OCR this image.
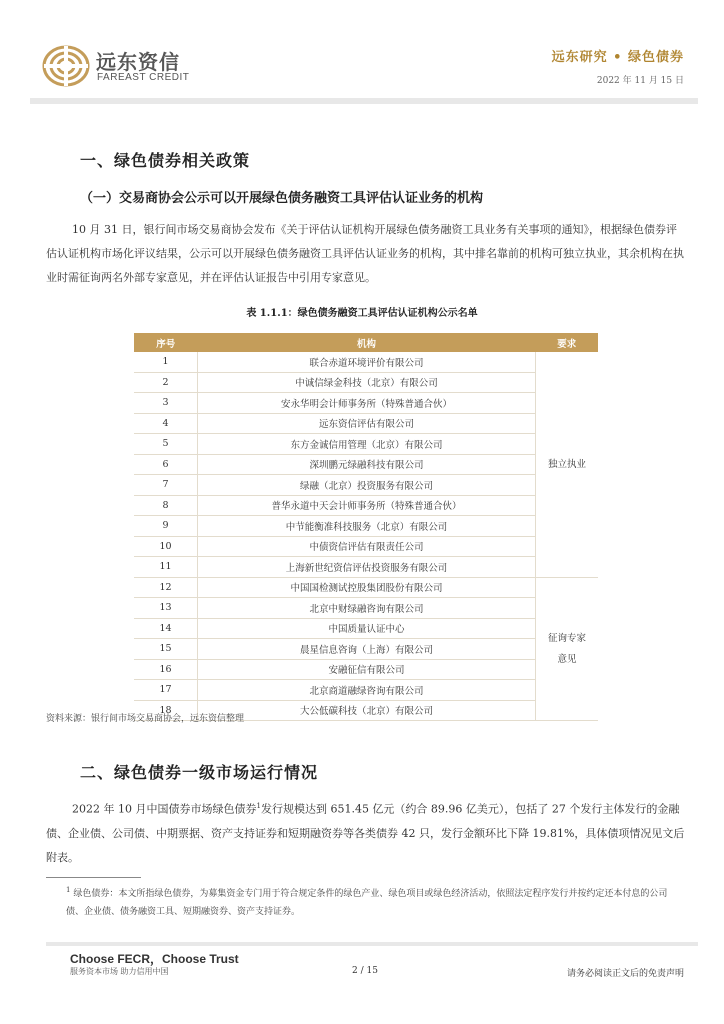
远东资信
FAREAST CREDIT
远东研究 • 绿色债券
2022 年 11 月 15 日
一、绿色债券相关政策
（一）交易商协会公示可以开展绿色债务融资工具评估认证业务的机构

10 月 31 日，银行间市场交易商协会发布《关于评估认证机构开展绿色债务融资工具业务有关事项的通知》，根据绿色债券评估认证机构市场化评议结果，公示可以开展绿色债务融资工具评估认证业务的机构，其中排名靠前的机构可独立执业，其余机构在执业时需征询两名外部专家意见，并在评估认证报告中引用专家意见。

表 1.1.1：绿色债务融资工具评估认证机构公示名单
序号	机构	要求
1	联合赤道环境评价有限公司	独立执业
2	中诚信绿金科技（北京）有限公司	
3	安永华明会计师事务所（特殊普通合伙）	
4	远东资信评估有限公司	
5	东方金诚信用管理（北京）有限公司	
6	深圳鹏元绿融科技有限公司	
7	绿融（北京）投资服务有限公司	
8	普华永道中天会计师事务所（特殊普通合伙）	
9	中节能衡准科技服务（北京）有限公司	
10	中债资信评估有限责任公司	
11	上海新世纪资信评估投资服务有限公司	
12	中国国检测试控股集团股份有限公司	征询专家
意见

13	北京中财绿融咨询有限公司	
14	中国质量认证中心	
15	晨星信息咨询（上海）有限公司	
16	安融征信有限公司	
17	北京商道融绿咨询有限公司	
18	大公低碳科技（北京）有限公司	
资料来源：银行间市场交易商协会，远东资信整理
二、绿色债券一级市场运行情况

2022 年 10 月中国债券市场绿色债券$^1$发行规模达到 651.45 亿元（约合 89.96 亿美元），包括了 27 个发行主体发行的金融债、企业债、公司债、中期票据、资产支持证券和短期融资券等各类债券 42 只，发行金额环比下降 19.81%，具体债项情况见文后附表。

$^1$ 绿色债券：本文所指绿色债券，为募集资金专门用于符合规定条件的绿色产业、绿色项目或绿色经济活动，依照法定程序发行并按约定还本付息的公司债、企业债、债务融资工具、短期融资券、资产支持证券。
Choose FECR，Choose Trust
服务资本市场 助力信用中国	2 / 15	请务必阅读正文后的免责声明
